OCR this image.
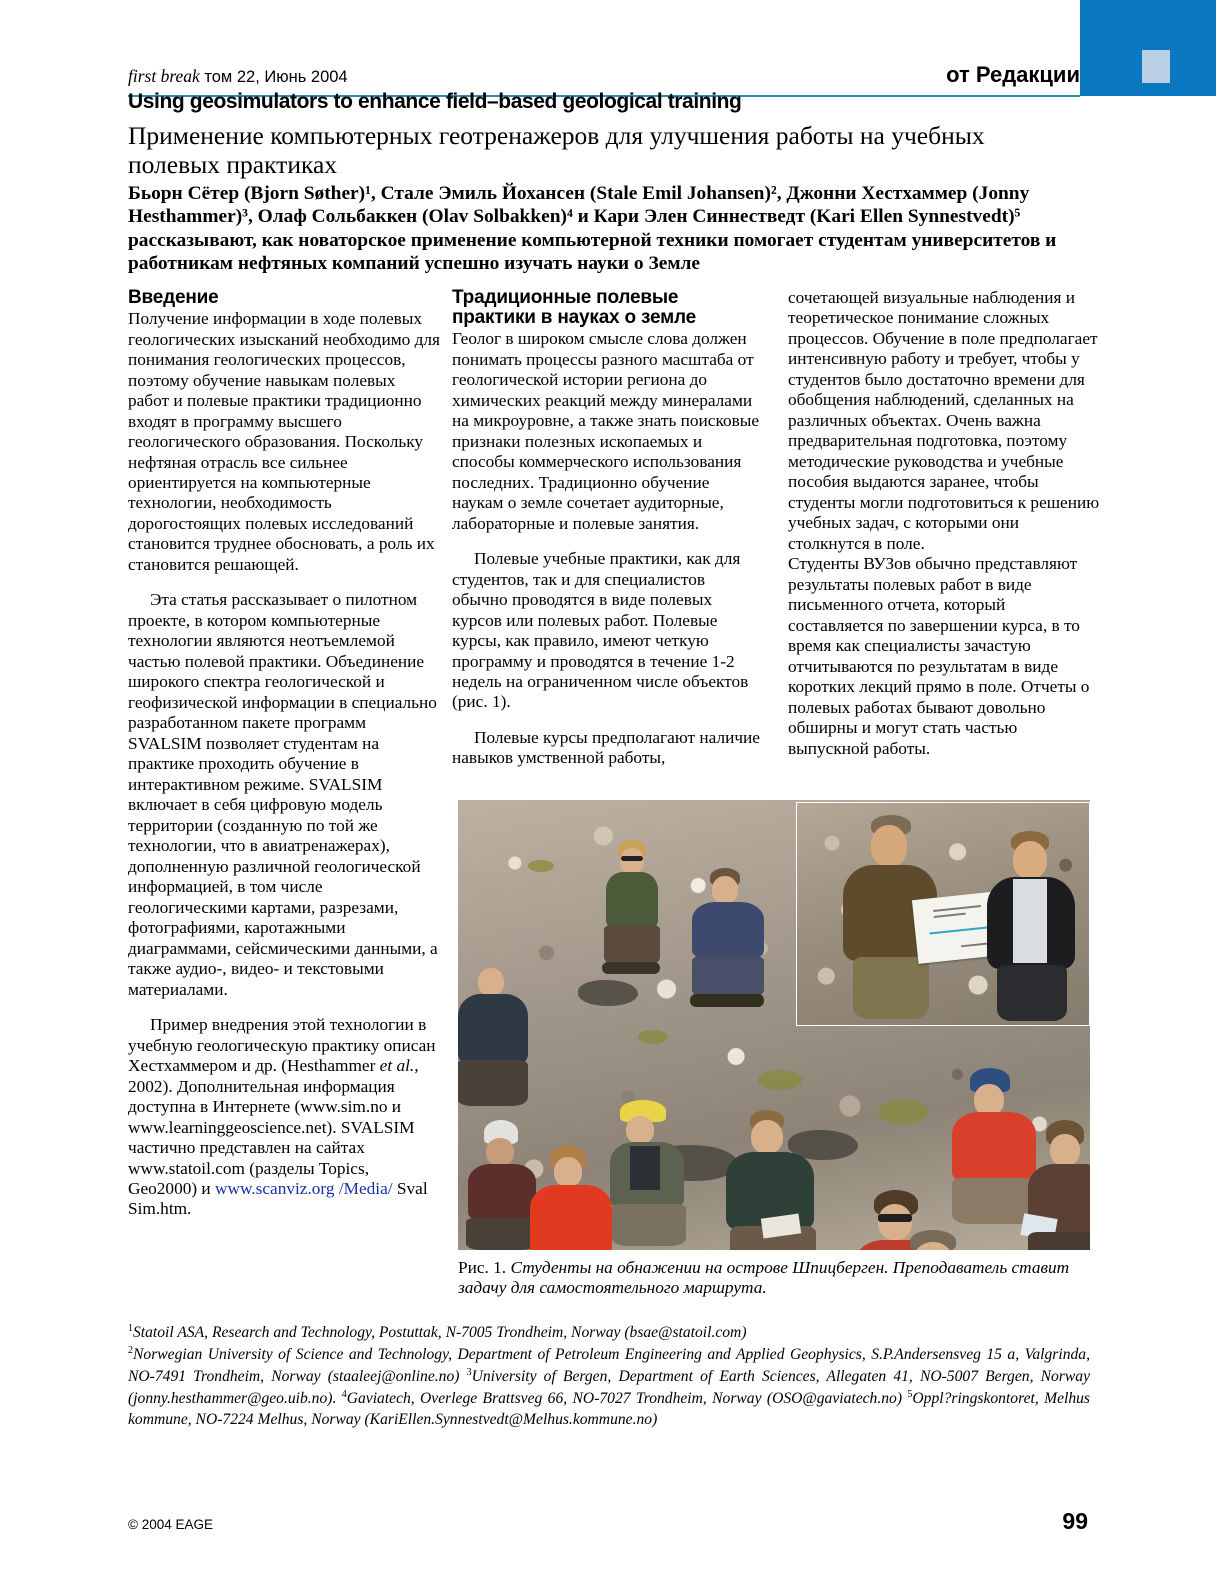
first break том 22, Июнь 2004	от Редакции
Using geosimulators to enhance field–based geological training
Применение компьютерных геотренажеров для улучшения работы на учебных полевых практиках
Бьорн Сётер (Bjorn Søther)¹, Стале Эмиль Йохансен (Stale Emil Johansen)², Джонни Хестхаммер (Jonny Hesthammer)³, Олаф Сольбаккен (Olav Solbakken)⁴ и Кари Элен Синнестведт (Kari Ellen Synnestvedt)⁵ рассказывают, как новаторское применение компьютерной техники помогает студентам университетов и работникам нефтяных компаний успешно изучать науки о Земле
Введение

Получение информации в ходе полевых геологических изысканий необходимо для понимания геологических процессов, поэтому обучение навыкам полевых работ и полевые практики традиционно входят в программу высшего геологического образования. Поскольку нефтяная отрасль все сильнее ориентируется на компьютерные технологии, необходимость дорогостоящих полевых исследований становится труднее обосновать, а роль их становится решающей.

Эта статья рассказывает о пилотном проекте, в котором компьютерные технологии являются неотъемлемой частью полевой практики. Объединение широкого спектра геологической и геофизической информации в специально разработанном пакете программ SVALSIM позволяет студентам на практике проходить обучение в интерактивном режиме. SVALSIM включает в себя цифровую модель территории (созданную по той же технологии, что в авиатренажерах), дополненную различной геологической информацией, в том числе геологическими картами, разрезами, фотографиями, каротажными диаграммами, сейсмическими данными, а также аудио-, видео- и текстовыми материалами.

Пример внедрения этой технологии в учебную геологическую практику описан Хестхаммером и др. (Hesthammer et al., 2002). Дополнительная информация доступна в Интернете (www.sim.no и www.learninggeoscience.net). SVALSIM частично представлен на сайтах www.statoil.com (разделы Topics, Geo2000) и www.scanviz.org /Media/ Sval Sim.htm.

Традиционные полевые практики в науках о земле

Геолог в широком смысле слова должен понимать процессы разного масштаба от геологической истории региона до химических реакций между минералами на микроуровне, а также знать поисковые признаки полезных ископаемых и способы коммерческого использования последних. Традиционно обучение наукам о земле сочетает аудиторные, лабораторные и полевые занятия.

Полевые учебные практики, как для студентов, так и для специалистов обычно проводятся в виде полевых курсов или полевых работ. Полевые курсы, как правило, имеют четкую программу и проводятся в течение 1-2 недель на ограниченном числе объектов (рис. 1).

Полевые курсы предполагают наличие навыков умственной работы,

сочетающей визуальные наблюдения и теоретическое понимание сложных процессов. Обучение в поле предполагает интенсивную работу и требует, чтобы у студентов было достаточно времени для обобщения наблюдений, сделанных на различных объектах. Очень важна предварительная подготовка, поэтому методические руководства и учебные пособия выдаются заранее, чтобы студенты могли подготовиться к решению учебных задач, с которыми они столкнутся в поле.

Студенты ВУЗов обычно представляют результаты полевых работ в виде письменного отчета, который составляется по завершении курса, в то время как специалисты зачастую отчитываются по результатам в виде коротких лекций прямо в поле. Отчеты о полевых работах бывают довольно обширны и могут стать частью выпускной работы.

Рис. 1. Студенты на обнажении на острове Шпицберген. Преподаватель ставит задачу для самостоятельного маршрута.
$^1$Statoil ASA, Research and Technology, Postuttak, N-7005 Trondheim, Norway (bsae@statoil.com)
$^2$Norwegian University of Science and Technology, Department of Petroleum Engineering and Applied Geophysics, S.P.Andersensveg 15 a, Valgrinda, NO-7491 Trondheim, Norway (staaleej@online.no) $^3$University of Bergen, Department of Earth Sciences, Allegaten 41, NO-5007 Bergen, Norway (jonny.hesthammer@geo.uib.no). $^4$Gaviatech, Overlege Brattsveg 66, NO-7027 Trondheim, Norway (OSO@gaviatech.no) $^5$Oppl?ringskontoret, Melhus kommune, NO-7224 Melhus, Norway (KariEllen.Synnestvedt@Melhus.kommune.no)
© 2004 EAGE	99
